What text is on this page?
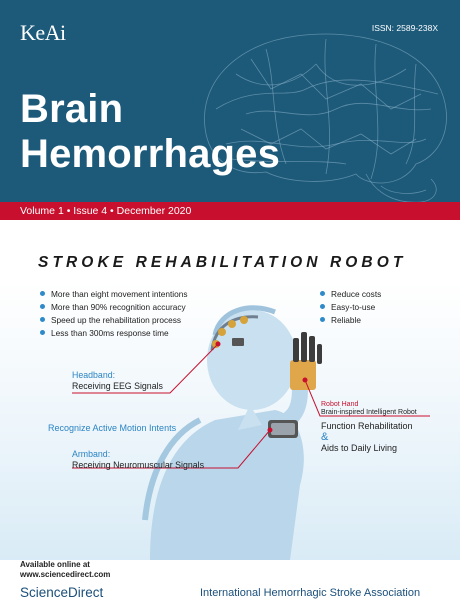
KeAi	ISSN: 2589-238X
Brain
Hemorrhages
Volume 1 • Issue 4 • December 2020
STROKE REHABILITATION ROBOT
More than eight movement intentions
More than 90% recognition accuracy
Speed up the rehabilitation process
Less than 300ms response time
Reduce costs
Easy-to-use
Reliable
Headband:
Receiving EEG Signals
Recognize Active Motion Intents
Armband:
Receiving Neuromuscular Signals
Robot Hand
Brain-inspired Intelligent Robot
Function Rehabilitation
&
Aids to Daily Living
Available online at
www.sciencedirect.com
ScienceDirect	International Hemorrhagic Stroke Association
